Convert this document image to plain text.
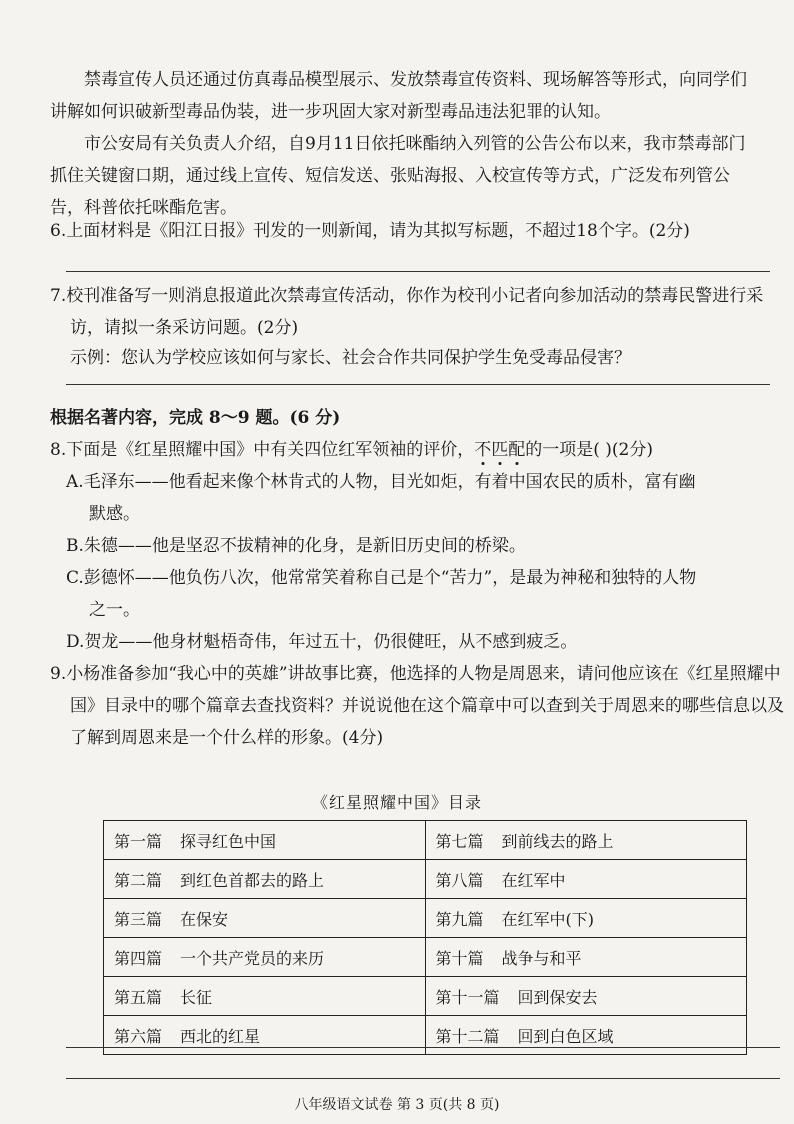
禁毒宣传人员还通过仿真毒品模型展示、发放禁毒宣传资料、现场解答等形式，向同学们讲解如何识破新型毒品伪装，进一步巩固大家对新型毒品违法犯罪的认知。

市公安局有关负责人介绍，自9月11日依托咪酯纳入列管的公告公布以来，我市禁毒部门抓住关键窗口期，通过线上宣传、短信发送、张贴海报、入校宣传等方式，广泛发布列管公告，科普依托咪酯危害。

6.上面材料是《阳江日报》刊发的一则新闻，请为其拟写标题，不超过18个字。(2分)

7.校刊准备写一则消息报道此次禁毒宣传活动，你作为校刊小记者向参加活动的禁毒民警进行采访，请拟一条采访问题。(2分)

示例：您认为学校应该如何与家长、社会合作共同保护学生免受毒品侵害？
根据名著内容，完成 8～9 题。(6 分)
8.下面是《红星照耀中国》中有关四位红军领袖的评价，不匹配的一项是( )(2分)
A.毛泽东——他看起来像个林肯式的人物，目光如炬，有着中国农民的质朴，富有幽
默感。
B.朱德——他是坚忍不拔精神的化身，是新旧历史间的桥梁。
C.彭德怀——他负伤八次，他常常笑着称自己是个“苦力”，是最为神秘和独特的人物
之一。
D.贺龙——他身材魁梧奇伟，年过五十，仍很健旺，从不感到疲乏。

9.小杨准备参加“我心中的英雄”讲故事比赛，他选择的人物是周恩来，请问他应该在《红星照耀中国》目录中的哪个篇章去查找资料？并说说他在这个篇章中可以查到关于周恩来的哪些信息以及了解到周恩来是一个什么样的形象。(4分)

《红星照耀中国》目录
第一篇 探寻红色中国	第七篇 到前线去的路上
第二篇 到红色首都去的路上	第八篇 在红军中
第三篇 在保安	第九篇 在红军中(下)
第四篇 一个共产党员的来历	第十篇 战争与和平
第五篇 长征	第十一篇 回到保安去
第六篇 西北的红星	第十二篇 回到白色区域
八年级语文试卷 第 3 页(共 8 页)
